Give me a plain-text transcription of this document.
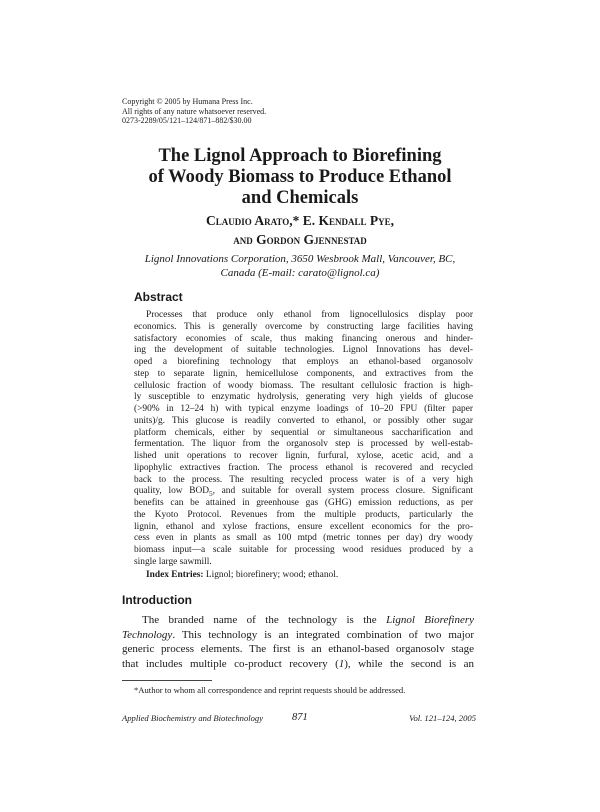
Copyright © 2005 by Humana Press Inc.
All rights of any nature whatsoever reserved.
0273-2289/05/121–124/871–882/$30.00
The Lignol Approach to Biorefining
of Woody Biomass to Produce Ethanol
and Chemicals
Claudio Arato,* E. Kendall Pye,
and Gordon Gjennestad
Lignol Innovations Corporation, 3650 Wesbrook Mall, Vancouver, BC,
Canada (E-mail: carato@lignol.ca)
Abstract
Processes that produce only ethanol from lignocellulosics display poor
economics. This is generally overcome by constructing large facilities having
satisfactory economies of scale, thus making financing onerous and hinder-
ing the development of suitable technologies. Lignol Innovations has devel-
oped a biorefining technology that employs an ethanol-based organosolv
step to separate lignin, hemicellulose components, and extractives from the
cellulosic fraction of woody biomass. The resultant cellulosic fraction is high-
ly susceptible to enzymatic hydrolysis, generating very high yields of glucose
(>90% in 12–24 h) with typical enzyme loadings of 10–20 FPU (filter paper
units)/g. This glucose is readily converted to ethanol, or possibly other sugar
platform chemicals, either by sequential or simultaneous saccharification and
fermentation. The liquor from the organosolv step is processed by well-estab-
lished unit operations to recover lignin, furfural, xylose, acetic acid, and a
lipophylic extractives fraction. The process ethanol is recovered and recycled
back to the process. The resulting recycled process water is of a very high
quality, low $BOD_5$, and suitable for overall system process closure. Significant
benefits can be attained in greenhouse gas (GHG) emission reductions, as per
the Kyoto Protocol. Revenues from the multiple products, particularly the
lignin, ethanol and xylose fractions, ensure excellent economics for the pro-
cess even in plants as small as 100 mtpd (metric tonnes per day) dry woody
biomass input—a scale suitable for processing wood residues produced by a
single large sawmill.
Index Entries: Lignol; biorefinery; wood; ethanol.
Introduction
The branded name of the technology is the Lignol Biorefinery
Technology. This technology is an integrated combination of two major
generic process elements. The first is an ethanol-based organosolv stage
that includes multiple co-product recovery (1), while the second is an
*Author to whom all correspondence and reprint requests should be addressed.
Applied Biochemistry and Biotechnology	871	Vol. 121–124, 2005
